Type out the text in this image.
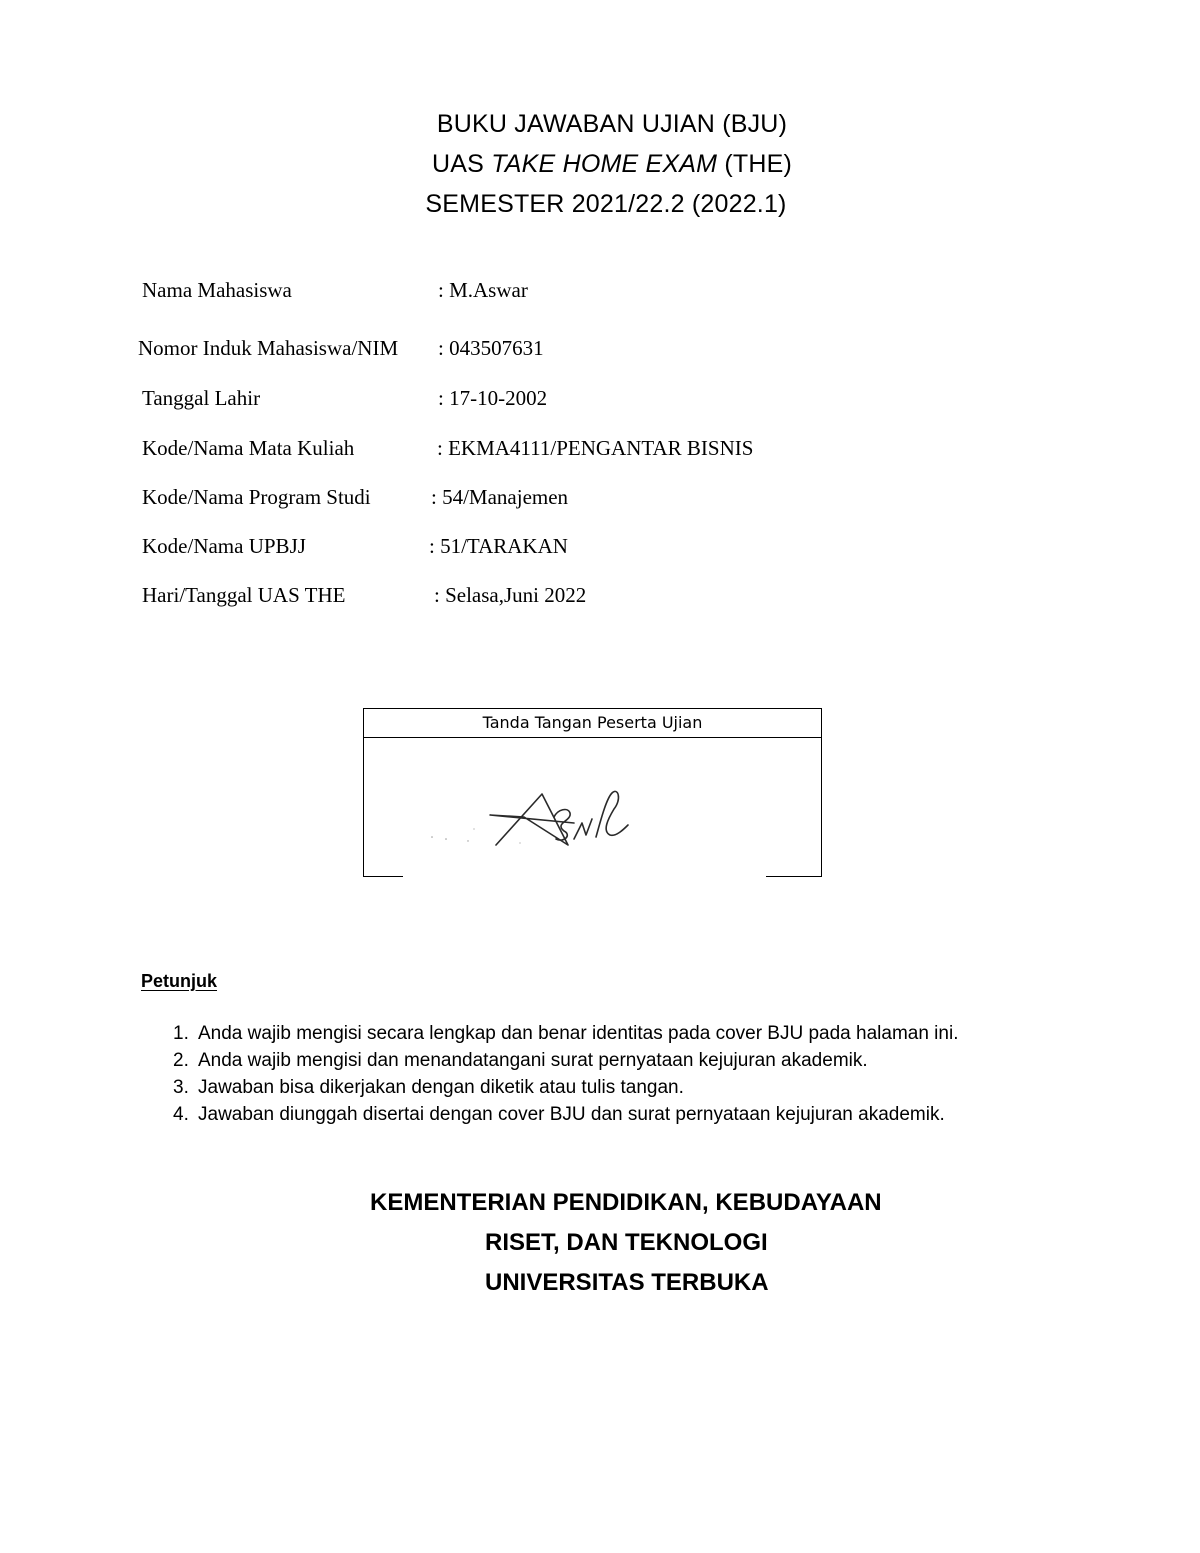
BUKU JAWABAN UJIAN (BJU)
UAS TAKE HOME EXAM (THE)
SEMESTER 2021/22.2 (2022.1)
Nama Mahasiswa	: M.Aswar
Nomor Induk Mahasiswa/NIM : 043507631
Tanggal Lahir	: 17-10-2002
Kode/Nama Mata Kuliah	: EKMA4111/PENGANTAR BISNIS
Kode/Nama Program Studi	: 54/Manajemen
Kode/Nama UPBJJ	: 51/TARAKAN
Hari/Tanggal UAS THE	: Selasa,Juni 2022
Tanda Tangan Peserta Ujian
Petunjuk
1. Anda wajib mengisi secara lengkap dan benar identitas pada cover BJU pada halaman ini.
2. Anda wajib mengisi dan menandatangani surat pernyataan kejujuran akademik.
3. Jawaban bisa dikerjakan dengan diketik atau tulis tangan.
4. Jawaban diunggah disertai dengan cover BJU dan surat pernyataan kejujuran akademik.
KEMENTERIAN PENDIDIKAN, KEBUDAYAAN
RISET, DAN TEKNOLOGI
UNIVERSITAS TERBUKA
